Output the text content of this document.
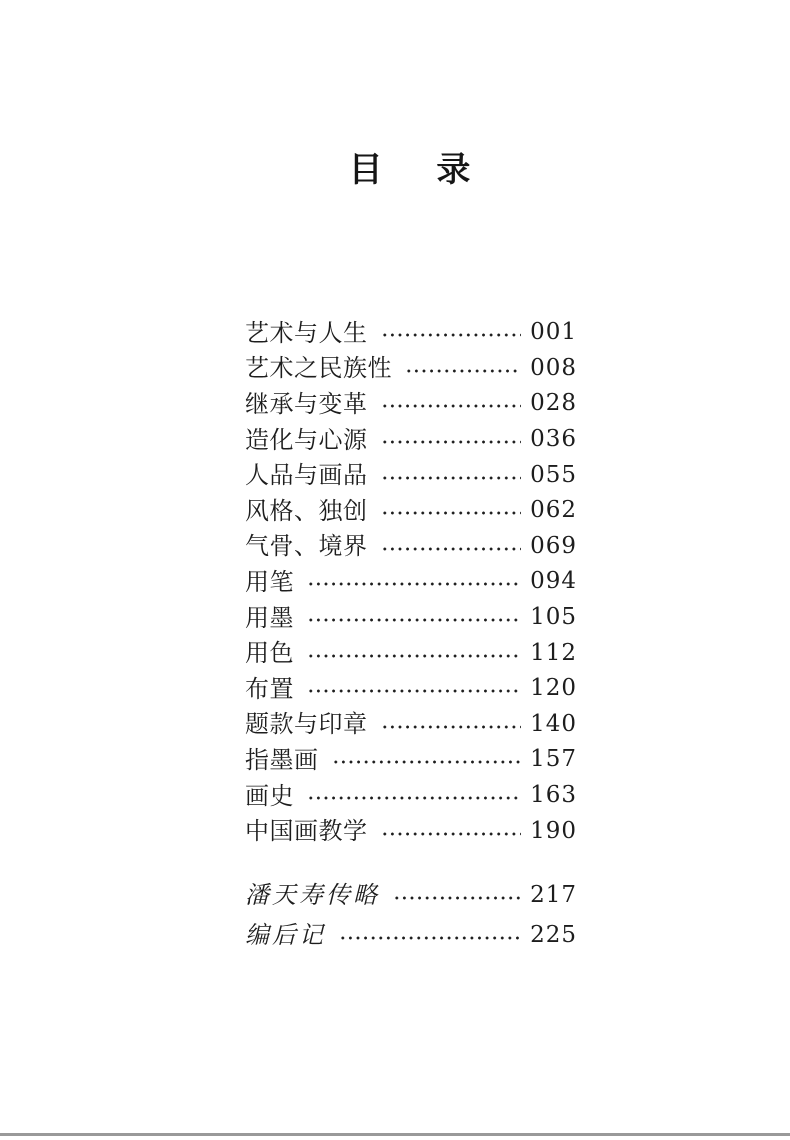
目 录
艺术与人生	001
艺术之民族性	008
继承与变革	028
造化与心源	036
人品与画品	055
风格、独创	062
气骨、境界	069
用笔	094
用墨	105
用色	112
布置	120
题款与印章	140
指墨画	157
画史	163
中国画教学	190
潘天寿传略	217
编后记	225
